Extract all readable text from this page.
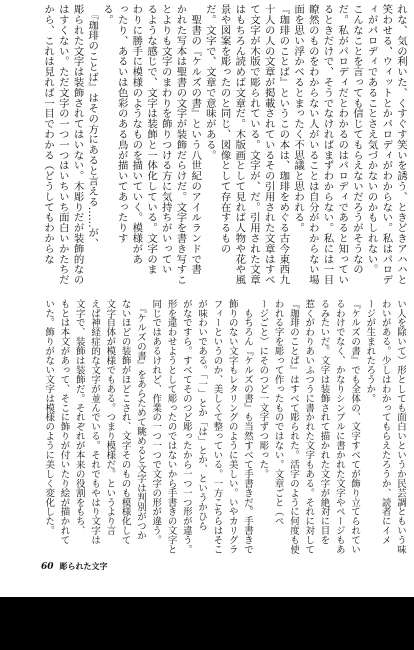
れな、気の利いた、くすぐす笑いを誘う、ときどきアハハと
笑わせる、ウィットとかパロディがわからない。私はパロデ
ィがパロディであることさえ気づかないのかもしれない。
こんなことを言っても信じてもらえないだろうがそうなの
だ。私がパロディだとわかるのはパロディであると知ってい
るときだけで、そうでなければまずわからない。私には一目
瞭然のものをわからない人がいることは自分がわからない場
面を思い浮かべるとまったく不思議と思われる。
『珈琲のことば』というこの本は、珈琲をめぐる古今東西九
十人の人の文章が掲載されているその引用された文章はすべ
て文字が木版で彫られている。文字が、だ。引用された文章
はもちろん読めば文章だ。木版画として見れば人物や花や風
景や図案を彫ったのと同じ、図像として存在するもの
だ。文字で、文章で意味がある。
　聖書の『ケルズの書』という八世紀のアイルランドで書
かれた写本は聖書の文字が装飾だらけだ。文字を書き写すこ
とよりも文字のまわりを飾りつける方に気持ちがいってい
るような感じで、文字は装飾と一体化している。文字のま
わりに勝手に模様のようなものを描いていく。模様があ
ったり、あるいは色彩のある鳥が描いてあったりす
る。
　『珈琲のことば』はその方にあると言える……が、
彫られた文字は装飾されてはいない。木彫りだが装飾的なの
はすくない。ただ文字の一つ一つはいちいち面白いかたちだ
から、これは見れば一目でわかる（どうしてもわからな
い人を除いて）形としても面白いというか民芸調ともいう味
わいがある。少しはわかってもらえたろうか、読者にイメ
ージが生まれたろうか。
『ケルズの書』でも全体の、文字すべてが飾り立てられてい
るわけでなく、かなりシンプルに書かれた文字やページもあ
るみたいだ。文字は装飾されて描かれた文字が絶対に目を
惹くがわりあいふつうに書かれた文字もある。それに対して
『珈琲のことば』はすべて彫られた。活字のように何度も使
われる字を彫って作ったものではない。文章ごと（ペ
ージごと）にそのつど一文字ずつ彫った。
　もちろん『ケルズの書』も当然すべて手書きだ。手書きで
飾りのない文字もレタリングのように美しい。いやカリグラ
フィーというのか、美しくて整っている。一方こちらはそこ
が味わいである。「一」とか「は」とか、というかひら
がなですら。すべてそのつど彫ったから一つ一つ形が違う。
形を違わせようとして彫ったのではないから手書きの文字と
同じではあるけれど、作業の一つ一つで文字の形が違う。
　『ケルズの書』をあらためて眺めると文字は判別がつか
ないほどの装飾がほどこされ、文字そのものも模様化して
文字自体が模様でもある。つまり模様だ。というより言
えば神経症的な文字が並んでいる。それでもやはり文字は
文字で、装飾は装飾だ。それぞれが本来の役割をもち、
もとは本文があって、そこに飾りが付いたり絵が描かれて
いた。飾りがない文字は模様のように美しく変化した。
60 彫られた文字
